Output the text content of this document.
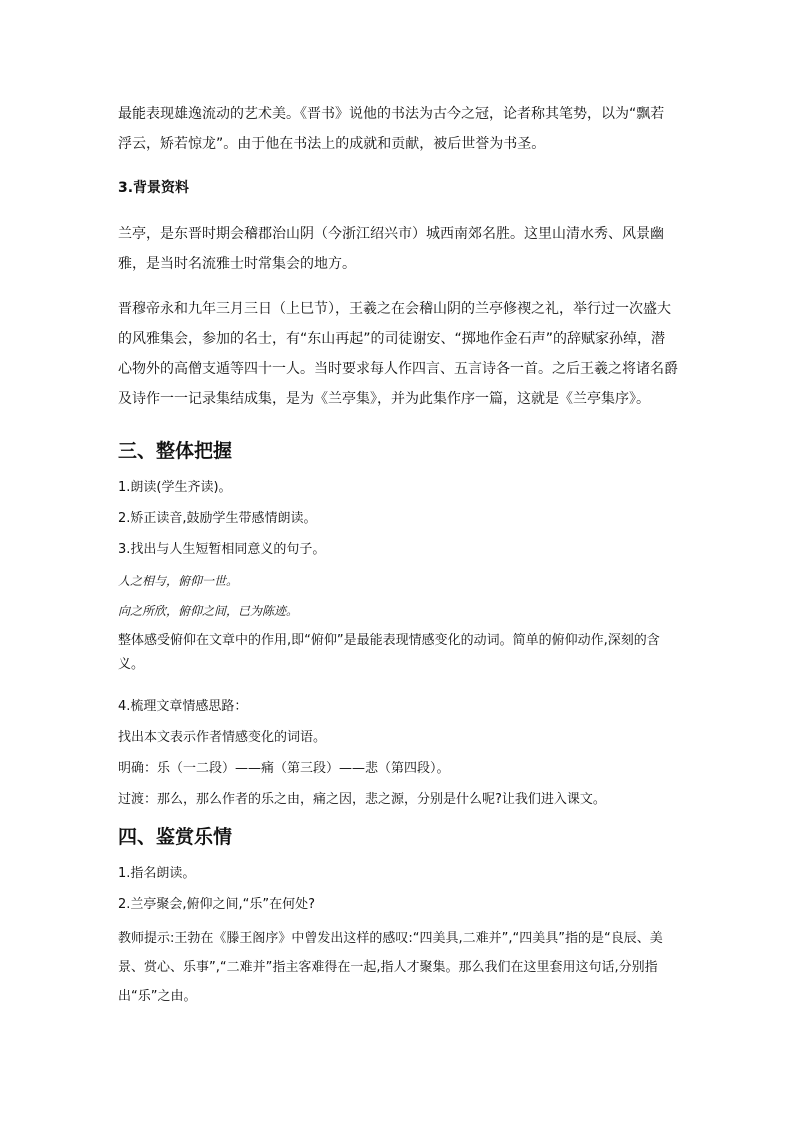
最能表现雄逸流动的艺术美。《晋书》说他的书法为古今之冠，论者称其笔势，以为“飘若浮云，矫若惊龙”。由于他在书法上的成就和贡献，被后世誉为书圣。

3.背景资料

兰亭，是东晋时期会稽郡治山阴（今浙江绍兴市）城西南郊名胜。这里山清水秀、风景幽雅，是当时名流雅士时常集会的地方。

晋穆帝永和九年三月三日（上巳节），王羲之在会稽山阴的兰亭修禊之礼，举行过一次盛大的风雅集会，参加的名士，有“东山再起”的司徒谢安、“掷地作金石声”的辞赋家孙绰，潜心物外的高僧支遁等四十一人。当时要求每人作四言、五言诗各一首。之后王羲之将诸名爵及诗作一一记录集结成集，是为《兰亭集》，并为此集作序一篇，这就是《兰亭集序》。

三、整体把握

1.朗读(学生齐读)。

2.矫正读音,鼓励学生带感情朗读。

3.找出与人生短暂相同意义的句子。

人之相与，俯仰一世。

向之所欣，俯仰之间，已为陈迹。

整体感受俯仰在文章中的作用,即“俯仰”是最能表现情感变化的动词。简单的俯仰动作,深刻的含义。

4.梳理文章情感思路：

找出本文表示作者情感变化的词语。

明确：乐（一二段）——痛（第三段）——悲（第四段）。

过渡：那么，那么作者的乐之由，痛之因，悲之源，分别是什么呢?让我们进入课文。

四、鉴赏乐情

1.指名朗读。

2.兰亭聚会,俯仰之间,“乐”在何处?

教师提示:王勃在《滕王阁序》中曾发出这样的感叹:“四美具,二难并”,“四美具”指的是“良辰、美景、赏心、乐事”,“二难并”指主客难得在一起,指人才聚集。那么我们在这里套用这句话,分别指出“乐”之由。
